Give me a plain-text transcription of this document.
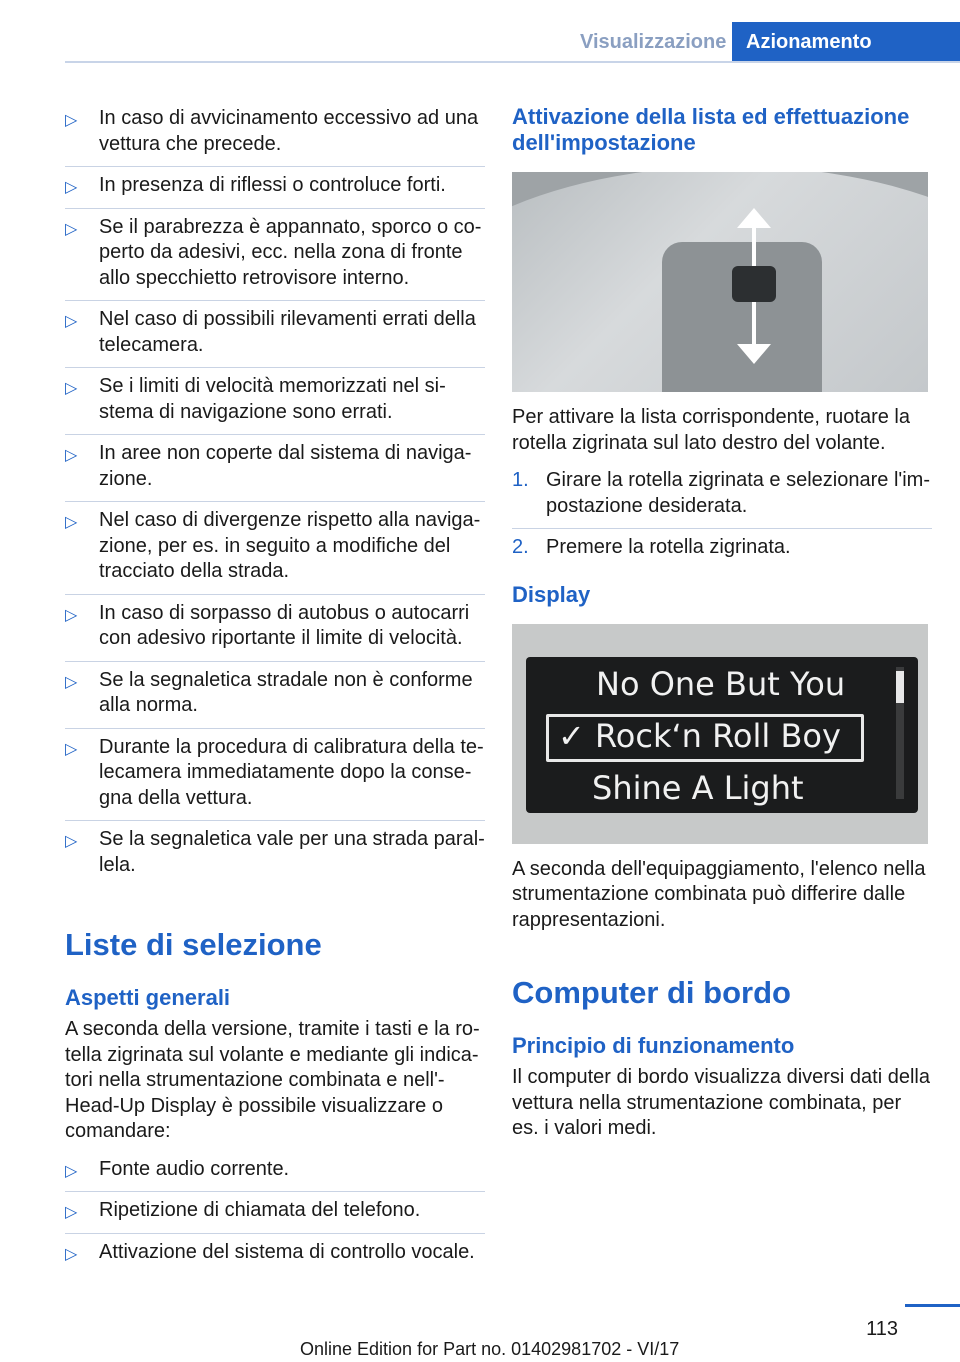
Visualizzazione Azionamento
▷ In caso di avvicinamento eccessivo ad una vettura che precede.
▷ In presenza di riflessi o controluce forti.
▷ Se il parabrezza è appannato, sporco o co‐perto da adesivi, ecc. nella zona di fronte allo specchietto retrovisore interno.
▷ Nel caso di possibili rilevamenti errati della telecamera.
▷ Se i limiti di velocità memorizzati nel si‐stema di navigazione sono errati.
▷ In aree non coperte dal sistema di naviga‐zione.
▷ Nel caso di divergenze rispetto alla naviga‐zione, per es. in seguito a modifiche del tracciato della strada.
▷ In caso di sorpasso di autobus o autocarri con adesivo riportante il limite di velocità.
▷ Se la segnaletica stradale non è conforme alla norma.
▷ Durante la procedura di calibratura della te‐lecamera immediatamente dopo la conse‐gna della vettura.
▷ Se la segnaletica vale per una strada paral‐lela.
Liste di selezione
Aspetti generali
A seconda della versione, tramite i tasti e la ro‐tella zigrinata sul volante e mediante gli indica‐tori nella strumentazione combinata e nell'‐Head-Up Display è possibile visualizzare o comandare:
▷ Fonte audio corrente.
▷ Ripetizione di chiamata del telefono.
▷ Attivazione del sistema di controllo vocale.
Attivazione della lista ed effettuazione dell'impostazione
Per attivare la lista corrispondente, ruotare la rotella zigrinata sul lato destro del volante.
1. Girare la rotella zigrinata e selezionare l'im‐postazione desiderata.
2. Premere la rotella zigrinata.
Display
No One But You
✓ Rock‘n Roll Boy
Shine A Light
A seconda dell'equipaggiamento, l'elenco nella strumentazione combinata può differire dalle rappresentazioni.
Computer di bordo
Principio di funzionamento
Il computer di bordo visualizza diversi dati della vettura nella strumentazione combinata, per es. i valori medi.
113
Online Edition for Part no. 01402981702 - VI/17
